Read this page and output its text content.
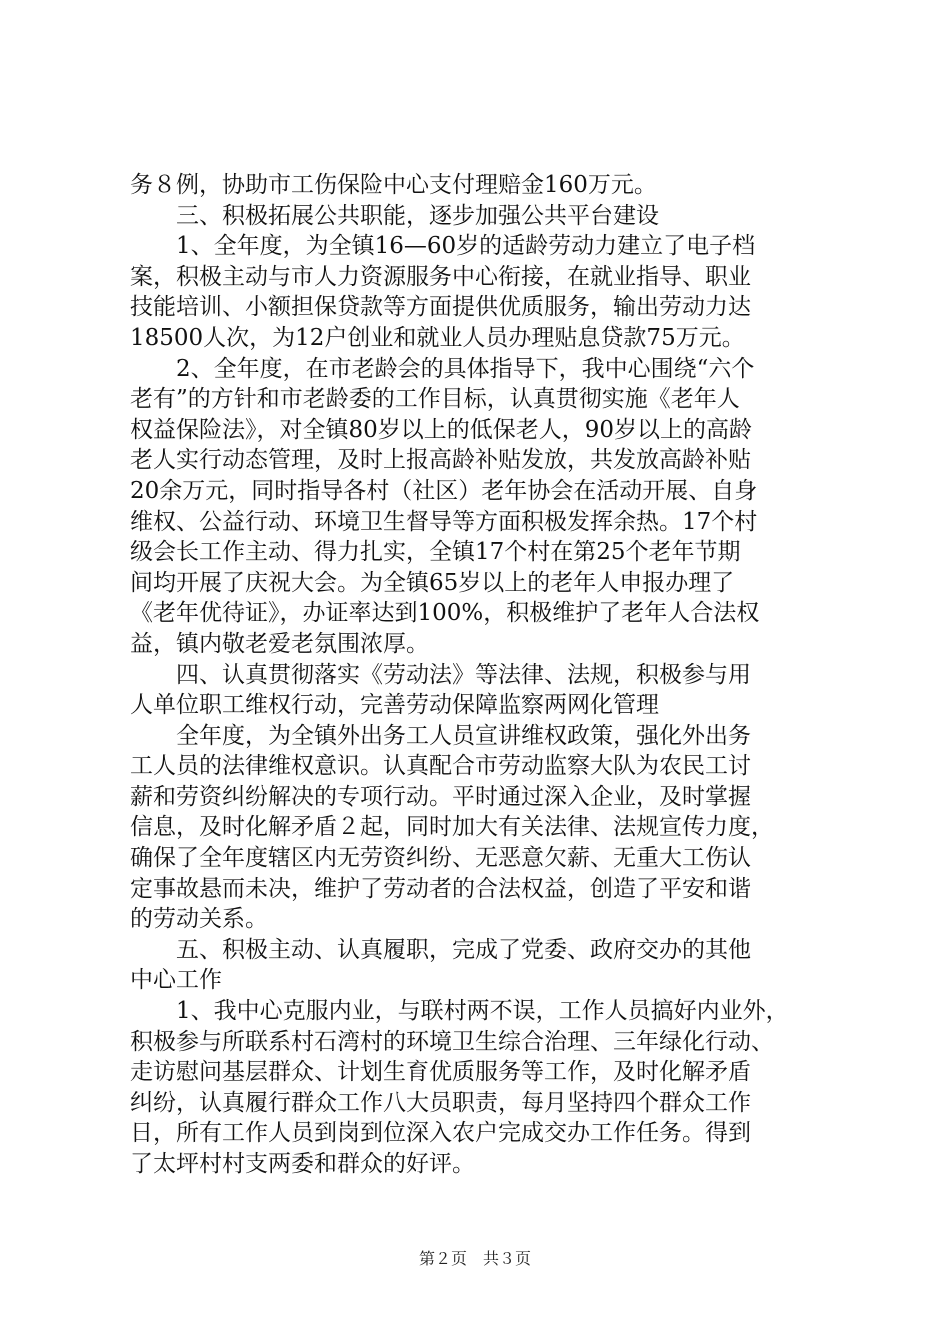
务８例，协助市工伤保险中心支付理赔金160万元。
　　三、积极拓展公共职能，逐步加强公共平台建设
　　1、全年度，为全镇16—60岁的适龄劳动力建立了电子档
案，积极主动与市人力资源服务中心衔接，在就业指导、职业
技能培训、小额担保贷款等方面提供优质服务，输出劳动力达
18500人次，为12户创业和就业人员办理贴息贷款75万元。
　　2、全年度，在市老龄会的具体指导下，我中心围绕“六个
老有”的方针和市老龄委的工作目标，认真贯彻实施《老年人
权益保险法》，对全镇80岁以上的低保老人，90岁以上的高龄
老人实行动态管理，及时上报高龄补贴发放，共发放高龄补贴
20余万元，同时指导各村（社区）老年协会在活动开展、自身
维权、公益行动、环境卫生督导等方面积极发挥余热。17个村
级会长工作主动、得力扎实，全镇17个村在第25个老年节期
间均开展了庆祝大会。为全镇65岁以上的老年人申报办理了
《老年优待证》，办证率达到100%，积极维护了老年人合法权
益，镇内敬老爱老氛围浓厚。
　　四、认真贯彻落实《劳动法》等法律、法规，积极参与用
人单位职工维权行动，完善劳动保障监察两网化管理
　　全年度，为全镇外出务工人员宣讲维权政策，强化外出务
工人员的法律维权意识。认真配合市劳动监察大队为农民工讨
薪和劳资纠纷解决的专项行动。平时通过深入企业，及时掌握
信息，及时化解矛盾２起，同时加大有关法律、法规宣传力度，
确保了全年度辖区内无劳资纠纷、无恶意欠薪、无重大工伤认
定事故悬而未决，维护了劳动者的合法权益，创造了平安和谐
的劳动关系。
　　五、积极主动、认真履职，完成了党委、政府交办的其他
中心工作
　　1、我中心克服内业，与联村两不误，工作人员搞好内业外，
积极参与所联系村石湾村的环境卫生综合治理、三年绿化行动、
走访慰问基层群众、计划生育优质服务等工作，及时化解矛盾
纠纷，认真履行群众工作八大员职责，每月坚持四个群众工作
日，所有工作人员到岗到位深入农户完成交办工作任务。得到
了太坪村村支两委和群众的好评。
第２页　共３页
